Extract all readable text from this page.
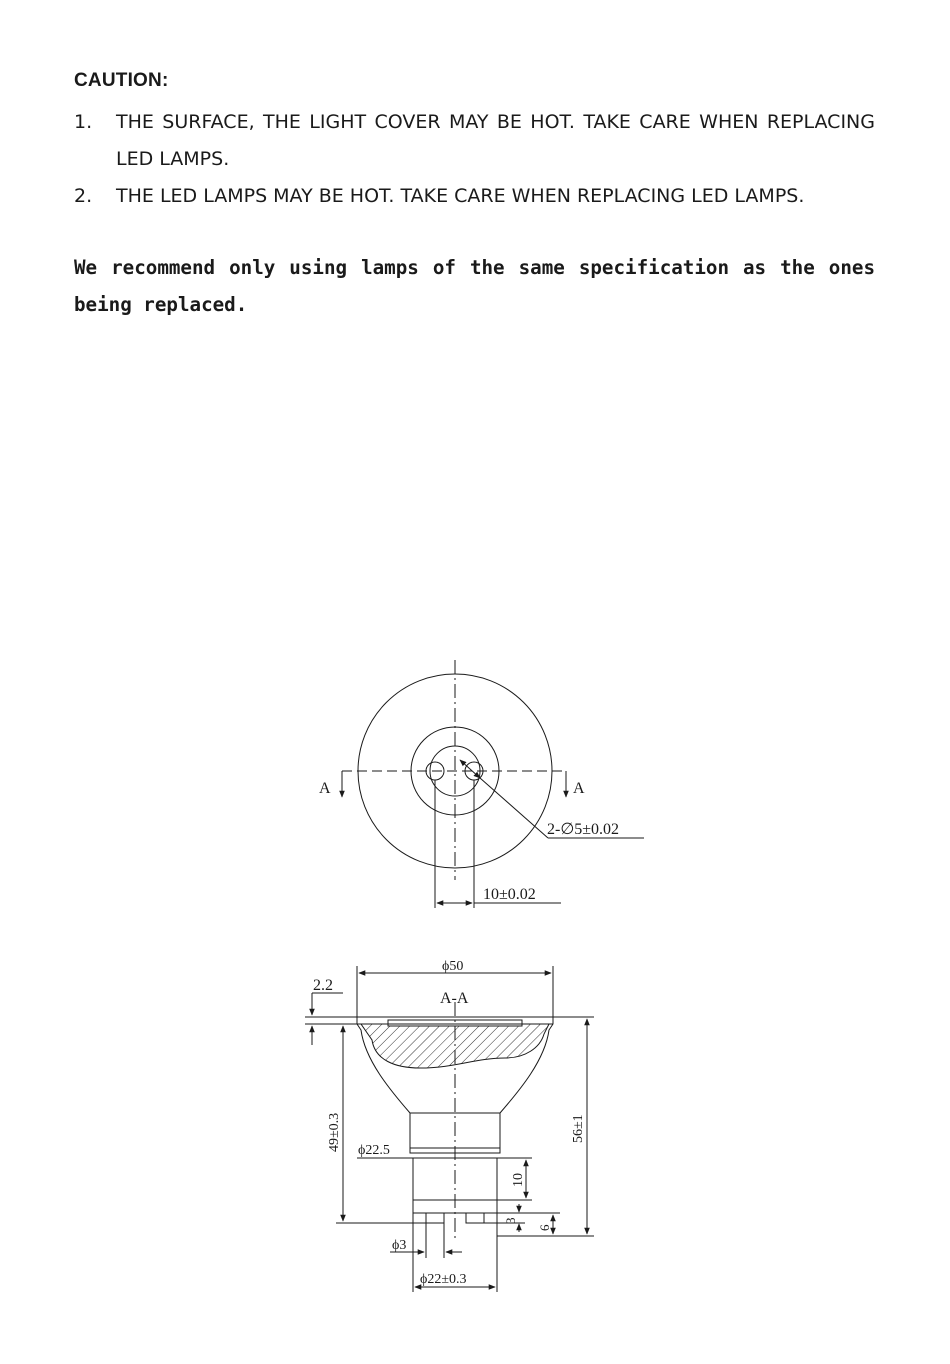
CAUTION:
1.	THE SURFACE, THE LIGHT COVER MAY BE HOT. TAKE CARE WHEN REPLACING LED LAMPS.
2.	THE LED LAMPS MAY BE HOT. TAKE CARE WHEN REPLACING LED LAMPS.
We recommend only using lamps of the same specification as the ones being replaced.
A	A
2-∅5±0.02
10±0.02
ϕ50
A-A
2.2
49±0.3	56±1
ϕ22.5
10
3
6
ϕ3
ϕ22±0.3
